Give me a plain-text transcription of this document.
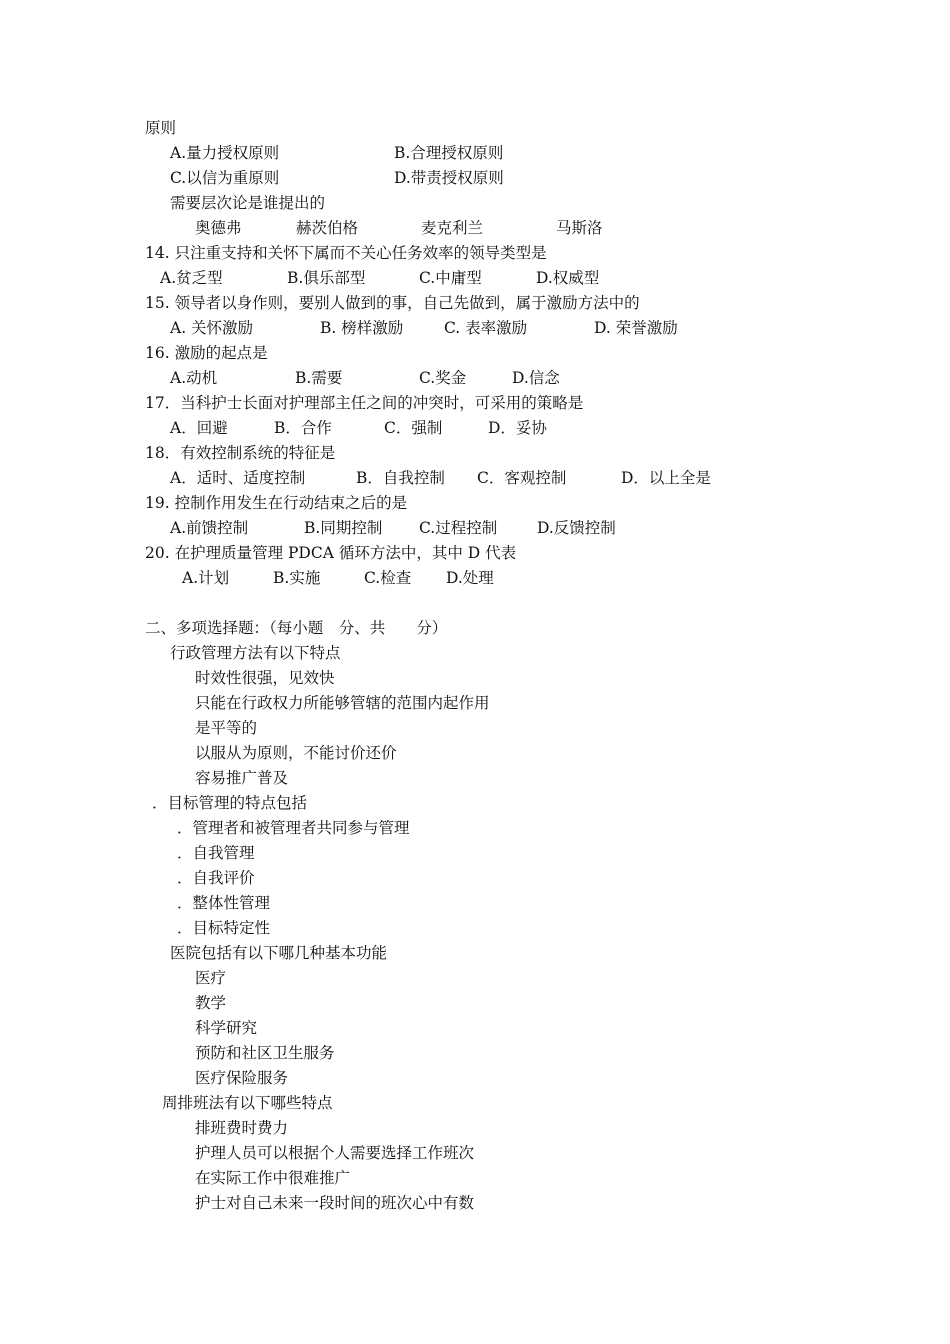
原则
A.量力授权原则	B.合理授权原则
C.以信为重原则	D.带责授权原则
需要层次论是谁提出的
奥德弗	赫茨伯格	麦克利兰	马斯洛
14. 只注重支持和关怀下属而不关心任务效率的领导类型是
A.贫乏型	B.俱乐部型	C.中庸型	D.权威型
15. 领导者以身作则，要别人做到的事，自己先做到，属于激励方法中的
A. 关怀激励	B. 榜样激励	C. 表率激励	D. 荣誉激励
16. 激励的起点是
A.动机	B.需要	C.奖金	D.信念
17．当科护士长面对护理部主任之间的冲突时，可采用的策略是
A．回避	B．合作	C．强制	D．妥协
18．有效控制系统的特征是
A．适时、适度控制	B．自我控制 C．客观控制	D．以上全是
19. 控制作用发生在行动结束之后的是
A.前馈控制	B.同期控制 C.过程控制	D.反馈控制
20. 在护理质量管理 PDCA 循环方法中，其中 D 代表
A.计划	B.实施	C.检查 D.处理
二、多项选择题：（每小题　分、共　　分）
行政管理方法有以下特点
时效性很强，见效快
只能在行政权力所能够管辖的范围内起作用
是平等的
以服从为原则，不能讨价还价
容易推广普及
．目标管理的特点包括
．管理者和被管理者共同参与管理
．自我管理
．自我评价
．整体性管理
．目标特定性
医院包括有以下哪几种基本功能
医疗
教学
科学研究
预防和社区卫生服务
医疗保险服务
周排班法有以下哪些特点
排班费时费力
护理人员可以根据个人需要选择工作班次
在实际工作中很难推广
护士对自己未来一段时间的班次心中有数
